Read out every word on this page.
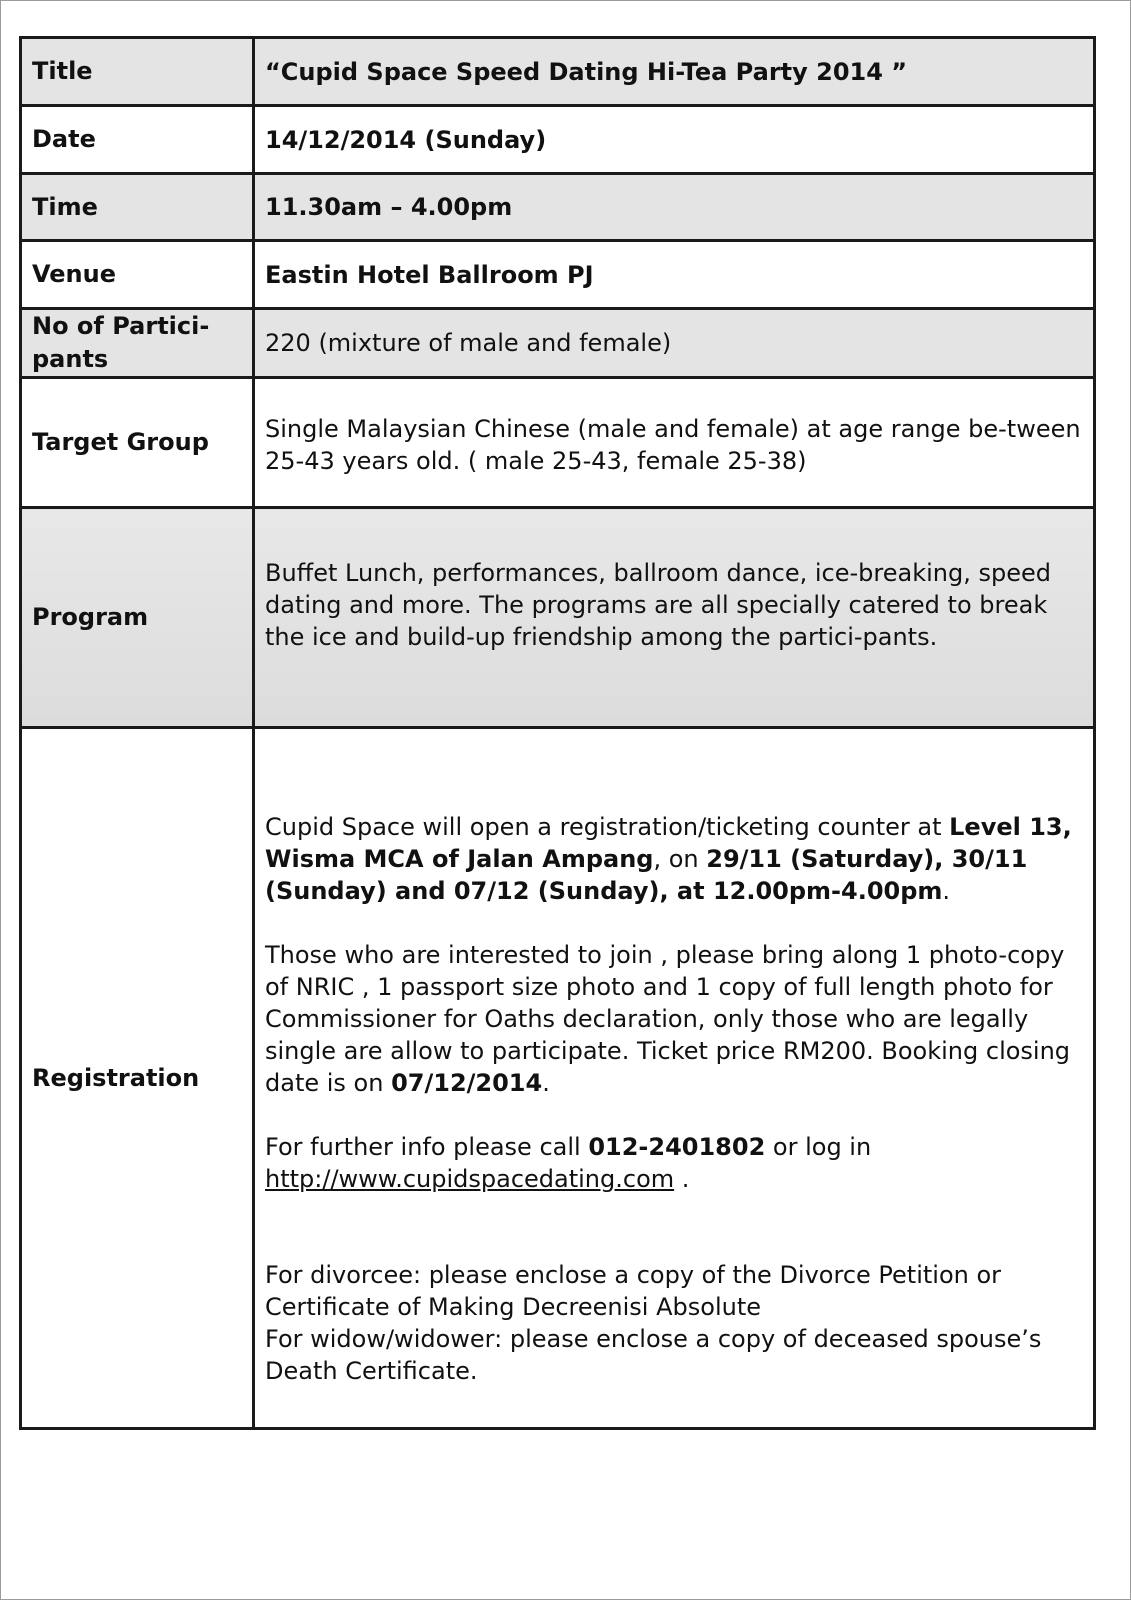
Title	“Cupid Space Speed Dating Hi-Tea Party 2014 ”
Date	14/12/2014 (Sunday)
Time	11.30am – 4.00pm
Venue	Eastin Hotel Ballroom PJ
No of Partici-pants	220 (mixture of male and female)
Target Group	Single Malaysian Chinese (male and female) at age range be-tween 25-43 years old. ( male 25-43, female 25-38)
Program	Buffet Lunch, performances, ballroom dance, ice-breaking, speed dating and more. The programs are all specially catered to break the ice and build-up friendship among the partici-pants.
Registration	Cupid Space will open a registration/ticketing counter at Level 13, Wisma MCA of Jalan Ampang, on 29/11 (Saturday), 30/11 (Sunday) and 07/12 (Sunday), at 12.00pm-4.00pm.

Those who are interested to join , please bring along 1 photo-copy of NRIC , 1 passport size photo and 1 copy of full length photo for Commissioner for Oaths declaration, only those who are legally single are allow to participate. Ticket price RM200. Booking closing date is on 07/12/2014.

For further info please call 012-2401802 or log in http://www.cupidspacedating.com .

For divorcee: please enclose a copy of the Divorce Petition or Certificate of Making Decreenisi Absolute

For widow/widower: please enclose a copy of deceased spouse’s Death Certificate.
